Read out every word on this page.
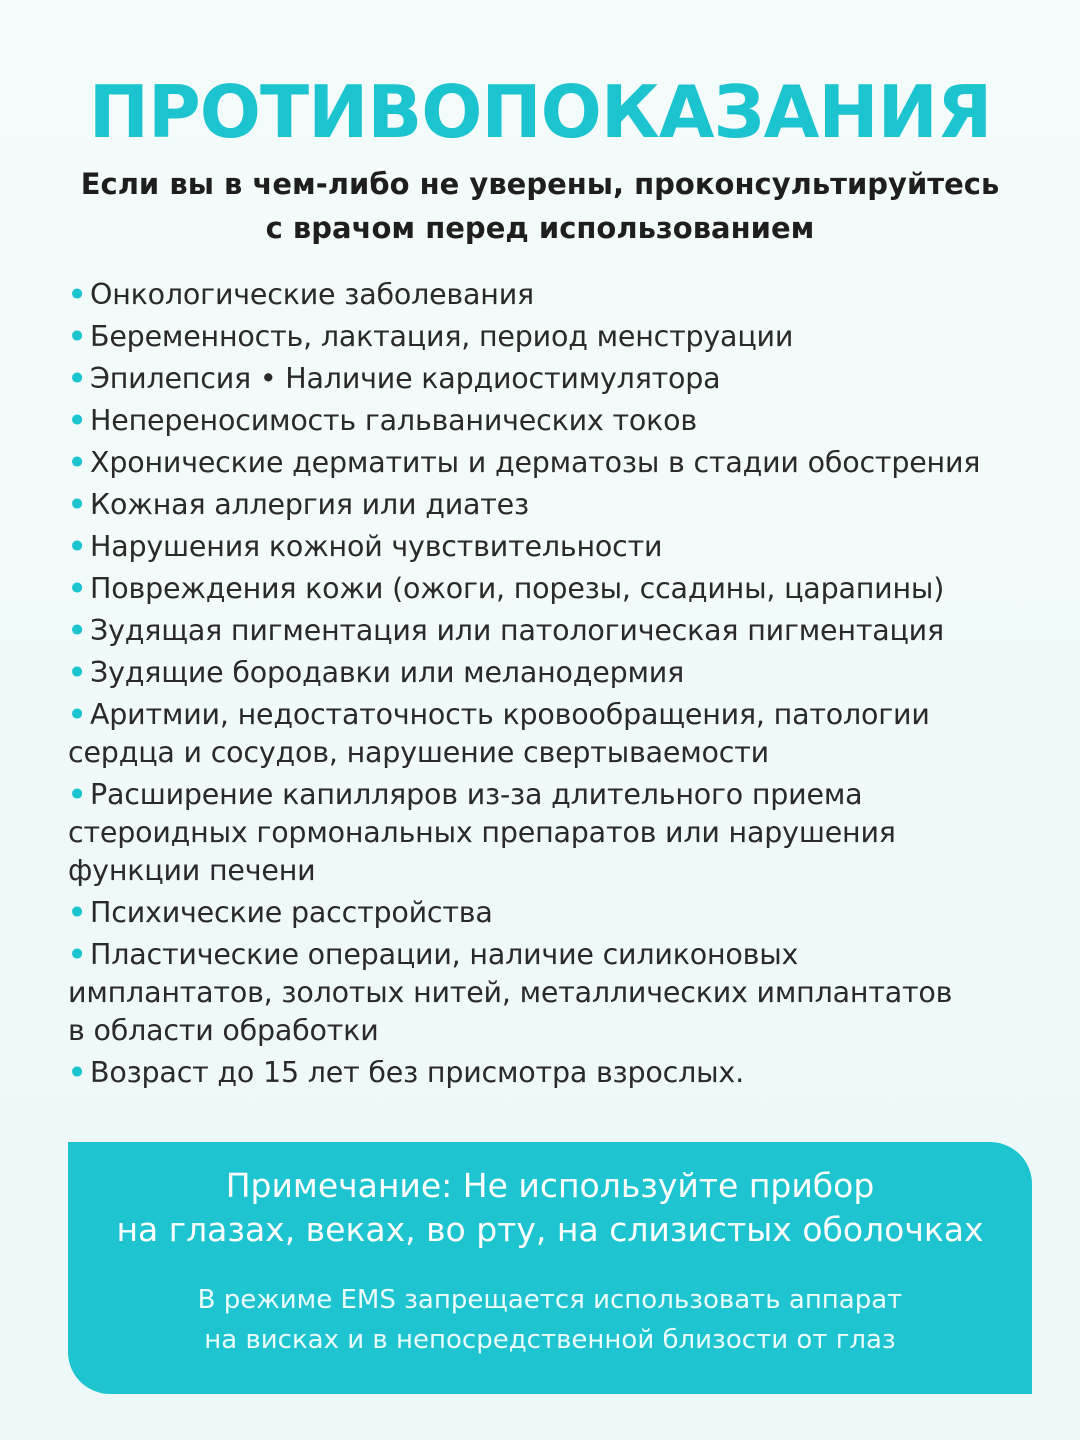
ПРОТИВОПОКАЗАНИЯ
Если вы в чем-либо не уверены, проконсультируйтесь
с врачом перед использованием
• Онкологические заболевания
• Беременность, лактация, период менструации
• Эпилепсия • Наличие кардиостимулятора
• Непереносимость гальванических токов
• Хронические дерматиты и дерматозы в стадии обострения
• Кожная аллергия или диатез
• Нарушения кожной чувствительности
• Повреждения кожи (ожоги, порезы, ссадины, царапины)
• Зудящая пигментация или патологическая пигментация
• Зудящие бородавки или меланодермия
• Аритмии, недостаточность кровообращения, патологии
сердца и сосудов, нарушение свертываемости
• Расширение капилляров из-за длительного приема
стероидных гормональных препаратов или нарушения
функции печени
• Психические расстройства
• Пластические операции, наличие силиконовых
имплантатов, золотых нитей, металлических имплантатов
в области обработки
• Возраст до 15 лет без присмотра взрослых.
Примечание: Не используйте прибор
на глазах, веках, во рту, на слизистых оболочках
В режиме EMS запрещается использовать аппарат
на висках и в непосредственной близости от глаз
